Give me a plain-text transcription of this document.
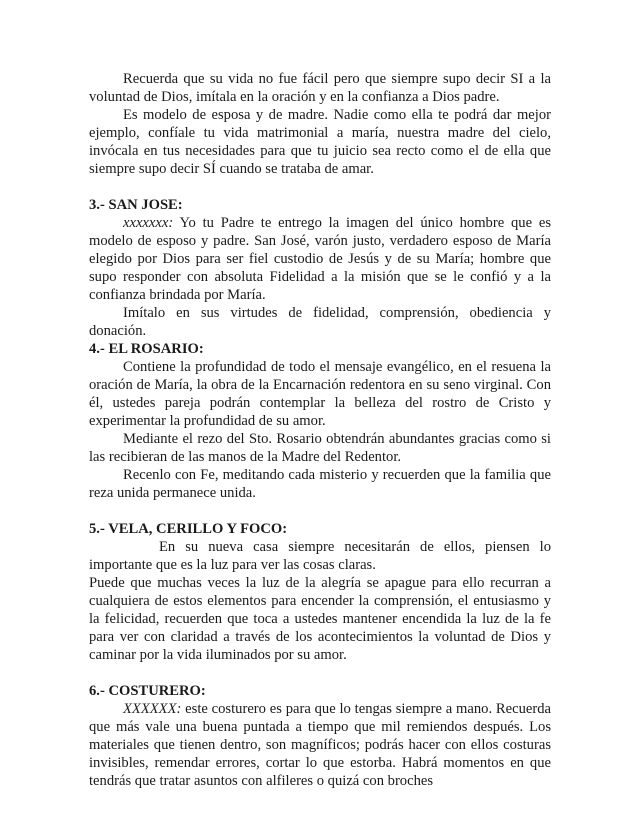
Recuerda que su vida no fue fácil pero que siempre supo decir SI a la voluntad de Dios, imítala en la oración y en la confianza a Dios padre.

Es modelo de esposa y de madre. Nadie como ella te podrá dar mejor ejemplo, confíale tu vida matrimonial a maría, nuestra madre del cielo, invócala en tus necesidades para que tu juicio sea recto como el de ella que siempre supo decir SÍ cuando se trataba de amar.

3.- SAN JOSE:

xxxxxxx: Yo tu Padre te entrego la imagen del único hombre que es modelo de esposo y padre. San José, varón justo, verdadero esposo de María elegido por Dios para ser fiel custodio de Jesús y de su María; hombre que supo responder con absoluta Fidelidad a la misión que se le confió y a la confianza brindada por María.

Imítalo en sus virtudes de fidelidad, comprensión, obediencia y donación.

4.- EL ROSARIO:

Contiene la profundidad de todo el mensaje evangélico, en el resuena la oración de María, la obra de la Encarnación redentora en su seno virginal. Con él, ustedes pareja podrán contemplar la belleza del rostro de Cristo y experimentar la profundidad de su amor.

Mediante el rezo del Sto. Rosario obtendrán abundantes gracias como si las recibieran de las manos de la Madre del Redentor.

Recenlo con Fe, meditando cada misterio y recuerden que la familia que reza unida permanece unida.

5.- VELA, CERILLO Y FOCO:

En su nueva casa siempre necesitarán de ellos, piensen lo importante que es la luz para ver las cosas claras.

Puede que muchas veces la luz de la alegría se apague para ello recurran a cualquiera de estos elementos para encender la comprensión, el entusiasmo y la felicidad, recuerden que toca a ustedes mantener encendida la luz de la fe para ver con claridad a través de los acontecimientos la voluntad de Dios y caminar por la vida iluminados por su amor.

6.- COSTURERO:

XXXXXX: este costurero es para que lo tengas siempre a mano. Recuerda que más vale una buena puntada a tiempo que mil remiendos después. Los materiales que tienen dentro, son magníficos; podrás hacer con ellos costuras invisibles, remendar errores, cortar lo que estorba. Habrá momentos en que tendrás que tratar asuntos con alfileres o quizá con broches
